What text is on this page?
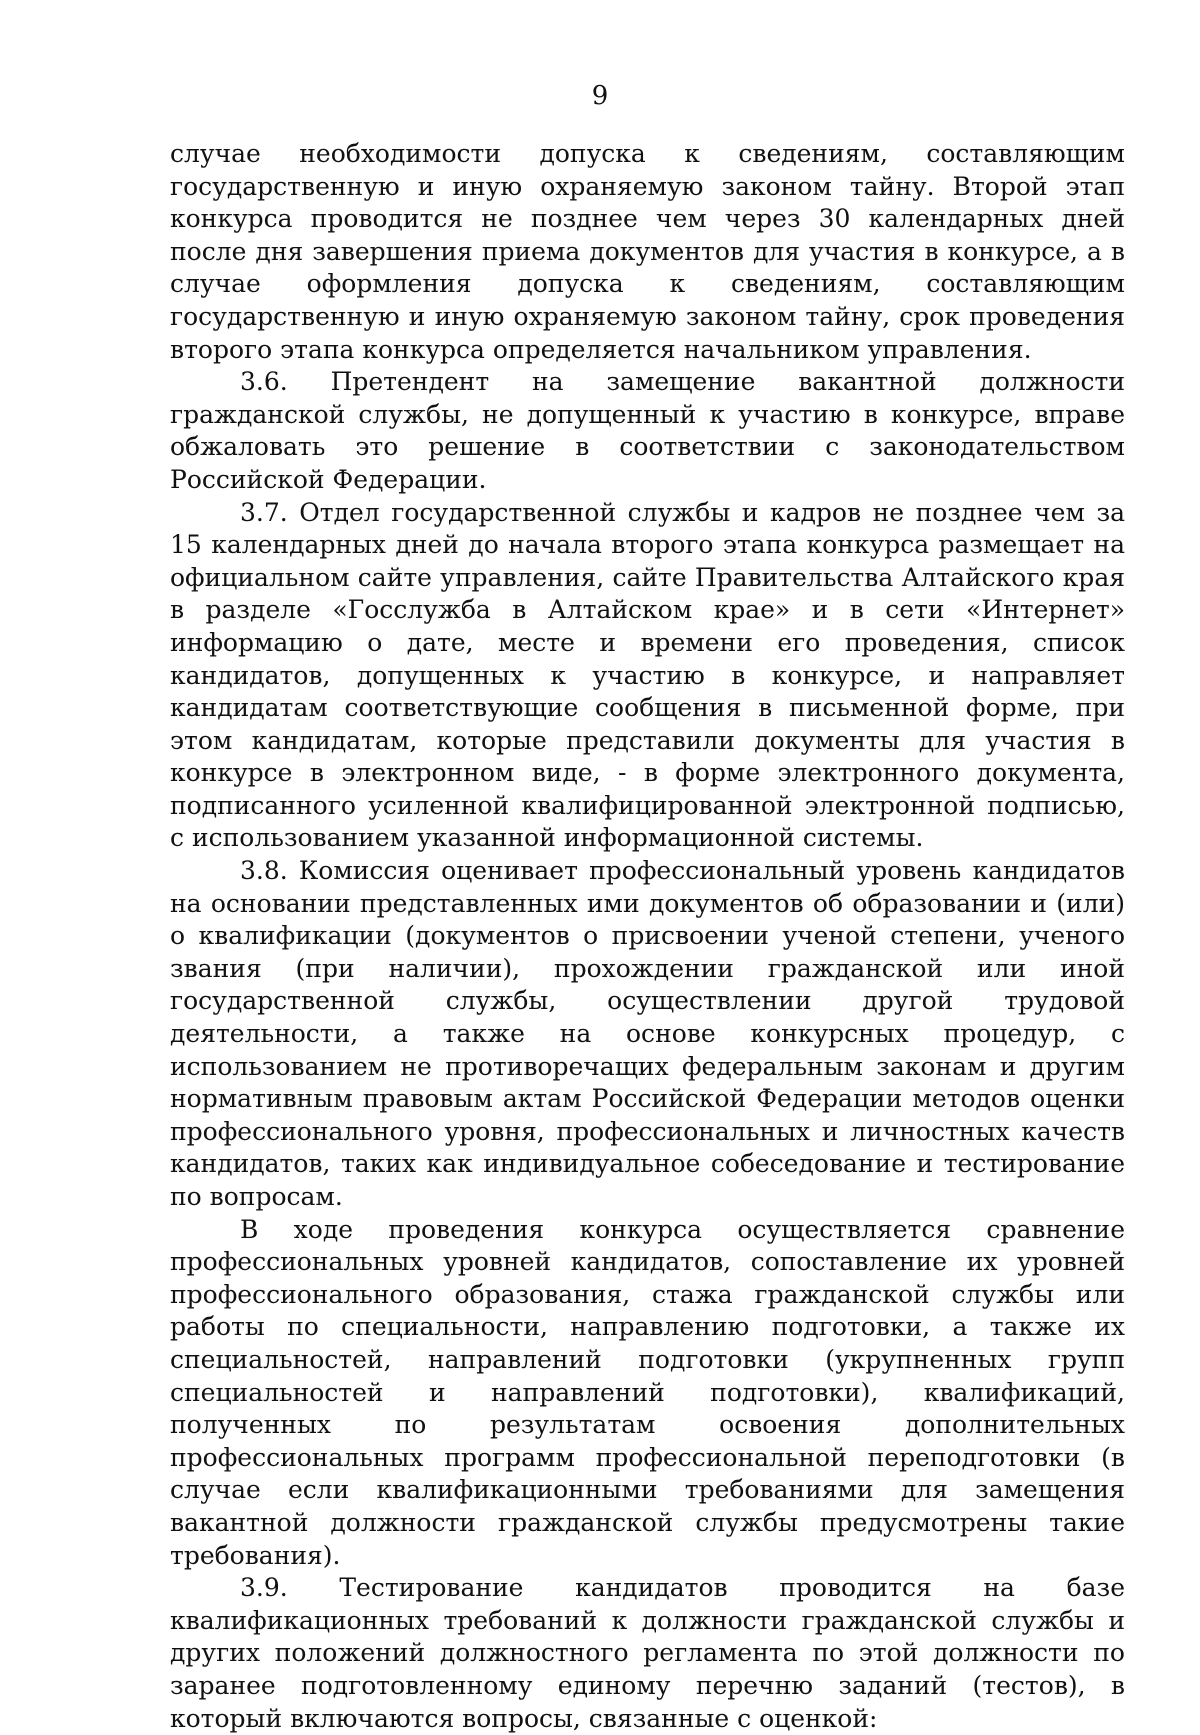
9

случае необходимости допуска к сведениям, составляющим государственную и иную охраняемую законом тайну. Второй этап конкурса проводится не позднее чем через 30 календарных дней после дня завершения приема документов для участия в конкурсе, а в случае оформления допуска к сведениям, составляющим государственную и иную охраняемую законом тайну, срок проведения второго этапа конкурса определяется начальником управления.

3.6. Претендент на замещение вакантной должности гражданской службы, не допущенный к участию в конкурсе, вправе обжаловать это решение в соответствии с законодательством Российской Федерации.

3.7. Отдел государственной службы и кадров не позднее чем за 15 календарных дней до начала второго этапа конкурса размещает на официальном сайте управления, сайте Правительства Алтайского края в разделе «Госслужба в Алтайском крае» и в сети «Интернет» информацию о дате, месте и времени его проведения, список кандидатов, допущенных к участию в конкурсе, и направляет кандидатам соответствующие сообщения в письменной форме, при этом кандидатам, которые представили документы для участия в конкурсе в электронном виде, - в форме электронного документа, подписанного усиленной квалифицированной электронной подписью, с использованием указанной информационной системы.

3.8. Комиссия оценивает профессиональный уровень кандидатов на основании представленных ими документов об образовании и (или) о квалификации (документов о присвоении ученой степени, ученого звания (при наличии), прохождении гражданской или иной государственной службы, осуществлении другой трудовой деятельности, а также на основе конкурсных процедур, с использованием не противоречащих федеральным законам и другим нормативным правовым актам Российской Федерации методов оценки профессионального уровня, профессиональных и личностных качеств кандидатов, таких как индивидуальное собеседование и тестирование по вопросам.

В ходе проведения конкурса осуществляется сравнение профессиональных уровней кандидатов, сопоставление их уровней профессионального образования, стажа гражданской службы или работы по специальности, направлению подготовки, а также их специальностей, направлений подготовки (укрупненных групп специальностей и направлений подготовки), квалификаций, полученных по результатам освоения дополнительных профессиональных программ профессиональной переподготовки (в случае если квалификационными требованиями для замещения вакантной должности гражданской службы предусмотрены такие требования).

3.9. Тестирование кандидатов проводится на базе квалификационных требований к должности гражданской службы и других положений должностного регламента по этой должности по заранее подготовленному единому перечню заданий (тестов), в который включаются вопросы, связанные с оценкой:
